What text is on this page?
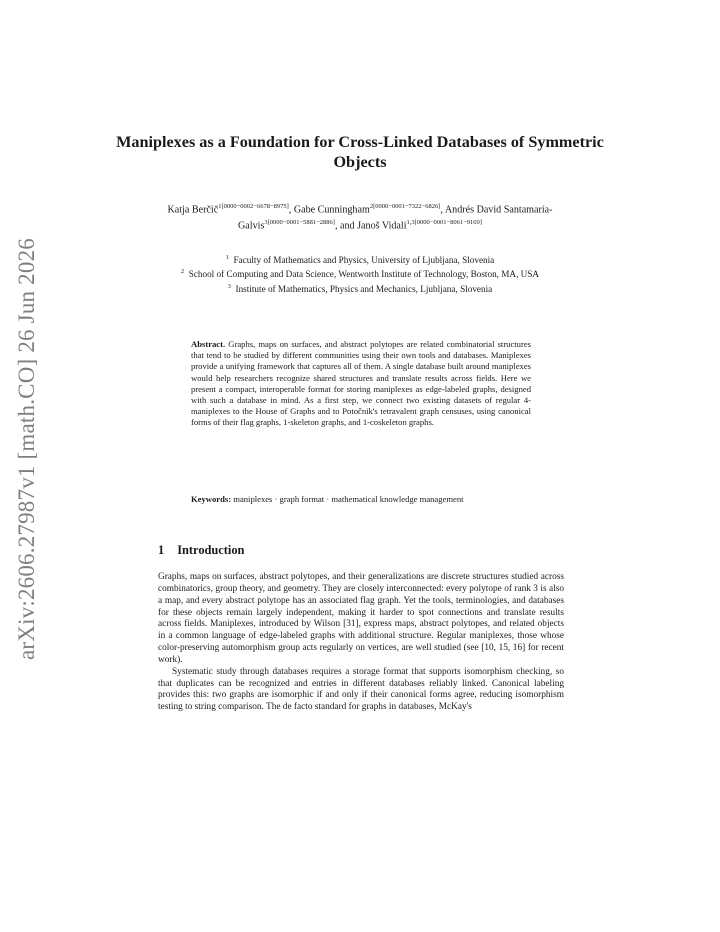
arXiv:2606.27987v1 [math.CO] 26 Jun 2026
Maniplexes as a Foundation for Cross-Linked Databases of Symmetric Objects
Katja Berčič$^{1[0000-0002-6678-8975]}$, Gabe Cunningham$^{2[0000-0001-7322-6826]}$, Andrés David Santamaría-Galvis$^{3[0000-0001-5881-2886]}$, and Janoš Vidali$^{1,3[0000-0001-8061-9169]}$
$^1$ Faculty of Mathematics and Physics, University of Ljubljana, Slovenia
$^2$ School of Computing and Data Science, Wentworth Institute of Technology, Boston, MA, USA
$^3$ Institute of Mathematics, Physics and Mechanics, Ljubljana, Slovenia
Abstract. Graphs, maps on surfaces, and abstract polytopes are related combinatorial structures that tend to be studied by different communities using their own tools and databases. Maniplexes provide a unifying framework that captures all of them. A single database built around maniplexes would help researchers recognize shared structures and translate results across fields. Here we present a compact, interoperable format for storing maniplexes as edge-labeled graphs, designed with such a database in mind. As a first step, we connect two existing datasets of regular 4-maniplexes to the House of Graphs and to Potočnik's tetravalent graph censuses, using canonical forms of their flag graphs, 1-skeleton graphs, and 1-coskeleton graphs.
Keywords: maniplexes · graph format · mathematical knowledge management
1 Introduction

Graphs, maps on surfaces, abstract polytopes, and their generalizations are discrete structures studied across combinatorics, group theory, and geometry. They are closely interconnected: every polytope of rank 3 is also a map, and every abstract polytope has an associated flag graph. Yet the tools, terminologies, and databases for these objects remain largely independent, making it harder to spot connections and translate results across fields. Maniplexes, introduced by Wilson [31], express maps, abstract polytopes, and related objects in a common language of edge-labeled graphs with additional structure. Regular maniplexes, those whose color-preserving automorphism group acts regularly on vertices, are well studied (see [10, 15, 16] for recent work).

Systematic study through databases requires a storage format that supports isomorphism checking, so that duplicates can be recognized and entries in different databases reliably linked. Canonical labeling provides this: two graphs are isomorphic if and only if their canonical forms agree, reducing isomorphism testing to string comparison. The de facto standard for graphs in databases, McKay's
